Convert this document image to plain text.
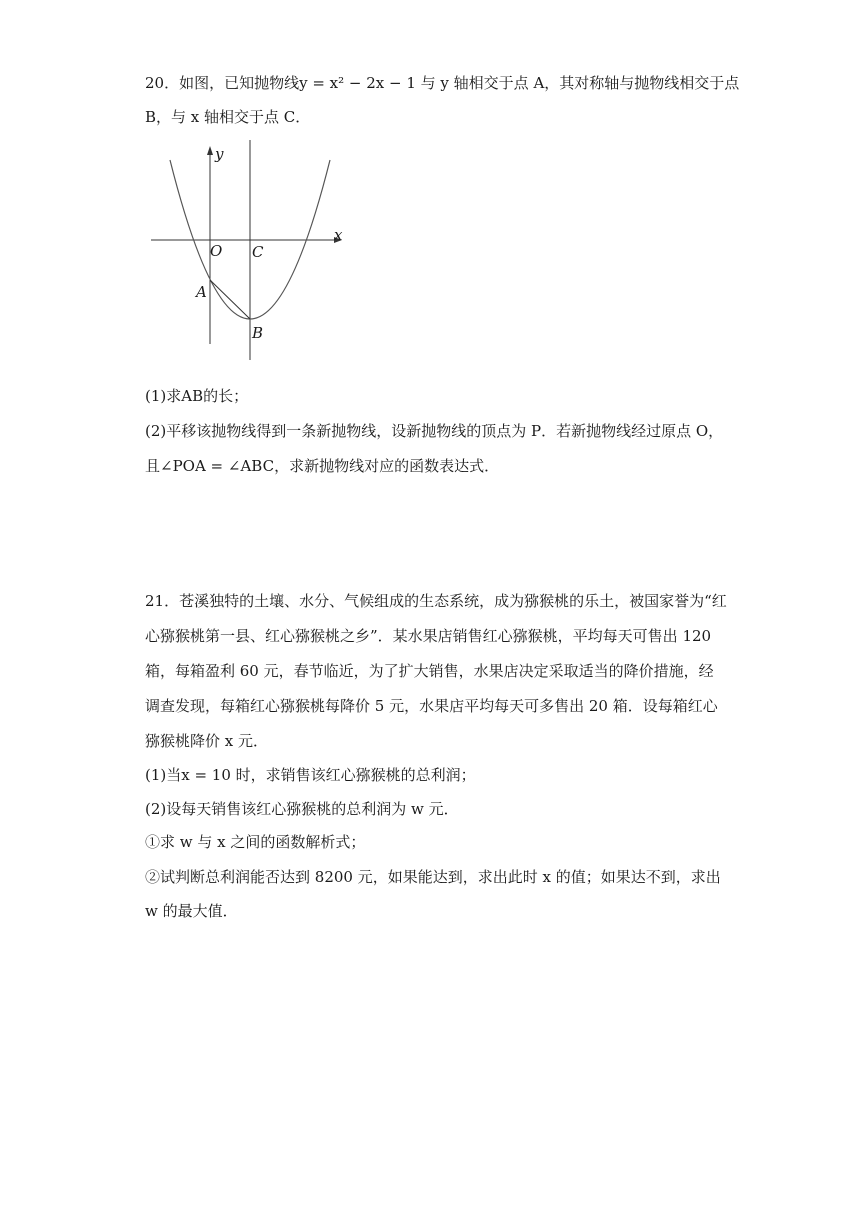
20．如图，已知抛物线y = x² − 2x − 1 与 y 轴相交于点 A，其对称轴与抛物线相交于点
B，与 x 轴相交于点 C．
y
x
O C
A
B
(1)求AB的长；
(2)平移该抛物线得到一条新抛物线，设新抛物线的顶点为 P．若新抛物线经过原点 O，
且∠POA = ∠ABC，求新抛物线对应的函数表达式．
21．苍溪独特的土壤、水分、气候组成的生态系统，成为猕猴桃的乐土，被国家誉为“红
心猕猴桃第一县、红心猕猴桃之乡”．某水果店销售红心猕猴桃，平均每天可售出 120
箱，每箱盈利 60 元，春节临近，为了扩大销售，水果店决定采取适当的降价措施，经
调查发现，每箱红心猕猴桃每降价 5 元，水果店平均每天可多售出 20 箱．设每箱红心
猕猴桃降价 x 元．
(1)当x = 10 时，求销售该红心猕猴桃的总利润；
(2)设每天销售该红心猕猴桃的总利润为 w 元．
①求 w 与 x 之间的函数解析式；
②试判断总利润能否达到 8200 元，如果能达到，求出此时 x 的值；如果达不到，求出
w 的最大值．
